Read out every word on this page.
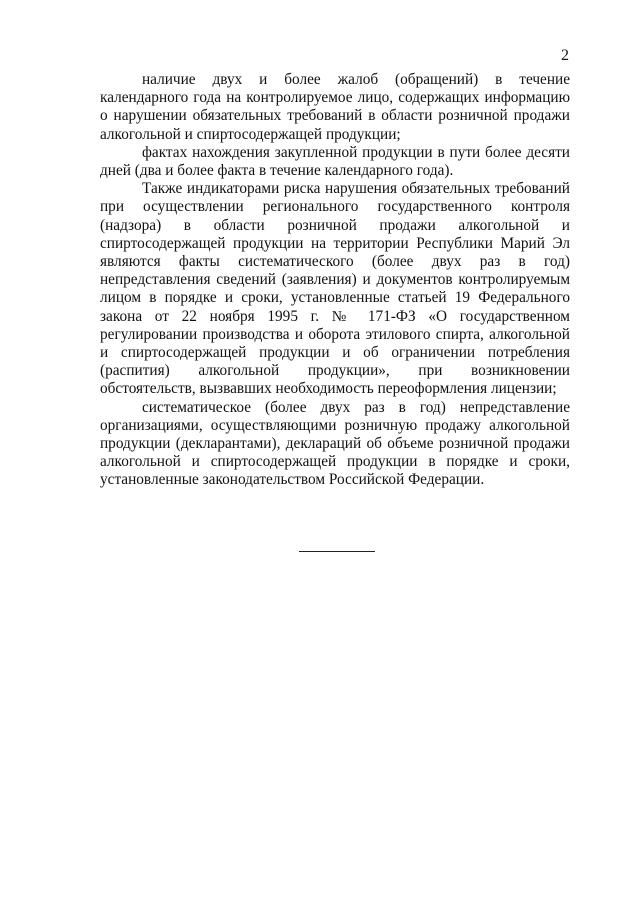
2

наличие двух и более жалоб (обращений) в течение календарного года на контролируемое лицо, содержащих информацию о нарушении обязательных требований в области розничной продажи алкогольной и спиртосодержащей продукции;

фактах нахождения закупленной продукции в пути более десяти дней (два и более факта в течение календарного года).

Также индикаторами риска нарушения обязательных требований при осуществлении регионального государственного контроля (надзора) в области розничной продажи алкогольной и спиртосодержащей продукции на территории Республики Марий Эл являются факты систематического (более двух раз в год) непредставления сведений (заявления) и документов контролируемым лицом в порядке и сроки, установленные статьей 19 Федерального закона от 22 ноября 1995 г. № 171-ФЗ «О государственном регулировании производства и оборота этилового спирта, алкогольной и спиртосодержащей продукции и об ограничении потребления (распития) алкогольной продукции», при возникновении обстоятельств, вызвавших необходимость переоформления лицензии;

систематическое (более двух раз в год) непредставление организациями, осуществляющими розничную продажу алкогольной продукции (декларантами), деклараций об объеме розничной продажи алкогольной и спиртосодержащей продукции в порядке и сроки, установленные законодательством Российской Федерации.
